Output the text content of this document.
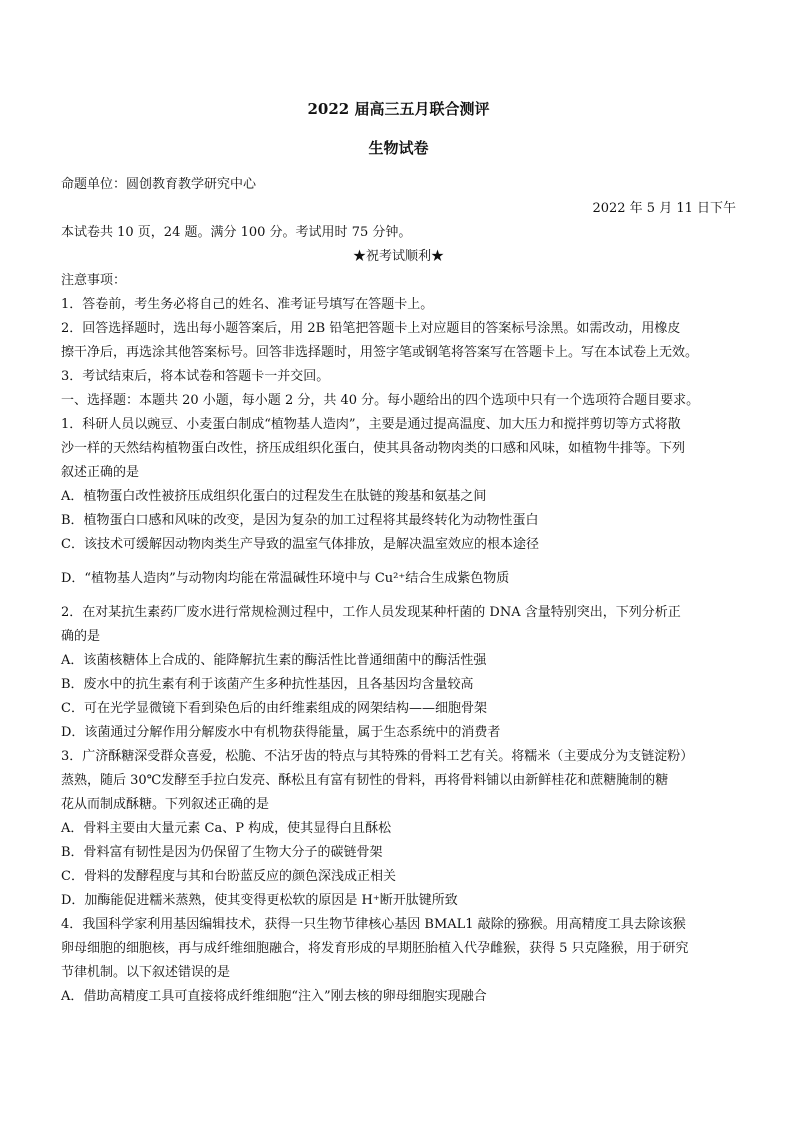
2022 届高三五月联合测评

生物试卷

命题单位：圆创教育教学研究中心

2022 年 5 月 11 日下午

本试卷共 10 页，24 题。满分 100 分。考试用时 75 分钟。

★祝考试顺利★

注意事项：

1．答卷前，考生务必将自己的姓名、准考证号填写在答题卡上。

2．回答选择题时，选出每小题答案后，用 2B 铅笔把答题卡上对应题目的答案标号涂黑。如需改动，用橡皮

擦干净后，再选涂其他答案标号。回答非选择题时，用签字笔或钢笔将答案写在答题卡上。写在本试卷上无效。

3．考试结束后，将本试卷和答题卡一并交回。

一、选择题：本题共 20 小题，每小题 2 分，共 40 分。每小题给出的四个选项中只有一个选项符合题目要求。

1．科研人员以豌豆、小麦蛋白制成“植物基人造肉”，主要是通过提高温度、加大压力和搅拌剪切等方式将散

沙一样的天然结构植物蛋白改性，挤压成组织化蛋白，使其具备动物肉类的口感和风味，如植物牛排等。下列

叙述正确的是

A．植物蛋白改性被挤压成组织化蛋白的过程发生在肽链的羧基和氨基之间

B．植物蛋白口感和风味的改变，是因为复杂的加工过程将其最终转化为动物性蛋白

C．该技术可缓解因动物肉类生产导致的温室气体排放，是解决温室效应的根本途径

D．“植物基人造肉”与动物肉均能在常温碱性环境中与 Cu²⁺结合生成紫色物质

2．在对某抗生素药厂废水进行常规检测过程中，工作人员发现某种杆菌的 DNA 含量特别突出，下列分析正

确的是

A．该菌核糖体上合成的、能降解抗生素的酶活性比普通细菌中的酶活性强

B．废水中的抗生素有利于该菌产生多种抗性基因，且各基因均含量较高

C．可在光学显微镜下看到染色后的由纤维素组成的网架结构——细胞骨架

D．该菌通过分解作用分解废水中有机物获得能量，属于生态系统中的消费者

3．广济酥糖深受群众喜爱，松脆、不沾牙齿的特点与其特殊的骨料工艺有关。将糯米（主要成分为支链淀粉）

蒸熟，随后 30℃发酵至手拉白发亮、酥松且有富有韧性的骨料，再将骨料铺以由新鲜桂花和蔗糖腌制的糖

花从而制成酥糖。下列叙述正确的是

A．骨料主要由大量元素 Ca、P 构成，使其显得白且酥松

B．骨料富有韧性是因为仍保留了生物大分子的碳链骨架

C．骨料的发酵程度与其和台盼蓝反应的颜色深浅成正相关

D．加酶能促进糯米蒸熟，使其变得更松软的原因是 H⁺断开肽键所致

4．我国科学家利用基因编辑技术，获得一只生物节律核心基因 BMAL1 敲除的猕猴。用高精度工具去除该猴

卵母细胞的细胞核，再与成纤维细胞融合，将发育形成的早期胚胎植入代孕雌猴，获得 5 只克隆猴，用于研究

节律机制。以下叙述错误的是

A．借助高精度工具可直接将成纤维细胞“注入”刚去核的卵母细胞实现融合
